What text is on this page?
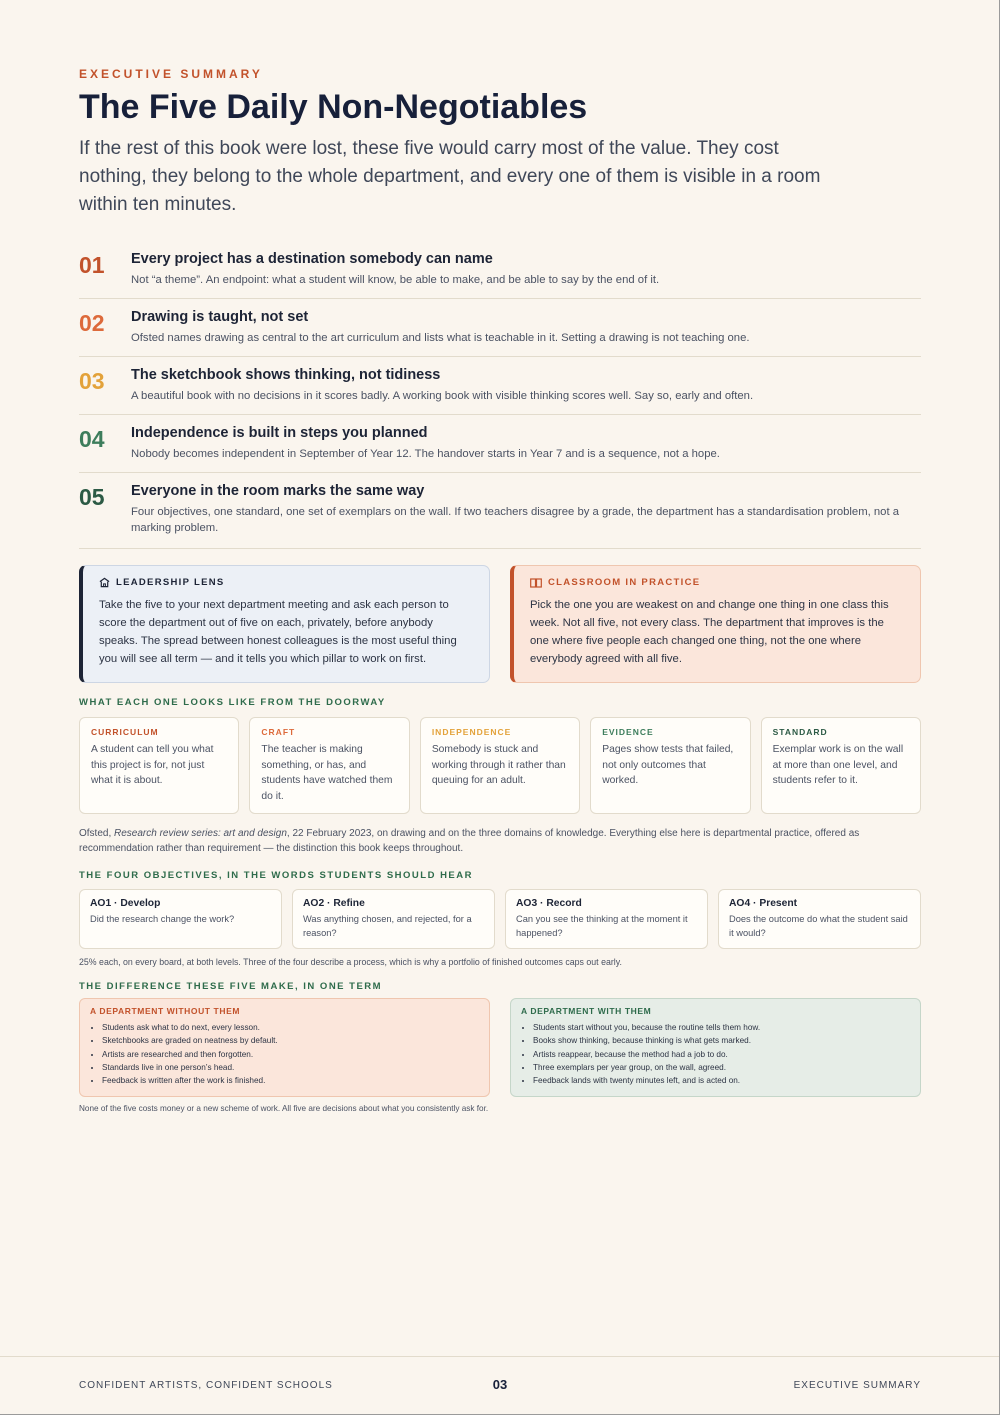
EXECUTIVE SUMMARY
The Five Daily Non-Negotiables

If the rest of this book were lost, these five would carry most of the value. They cost nothing, they belong to the whole department, and every one of them is visible in a room within ten minutes.

01	Every project has a destination somebody can name
Not “a theme”. An endpoint: what a student will know, be able to make, and be able to say by the end of it.
02	Drawing is taught, not set
Ofsted names drawing as central to the art curriculum and lists what is teachable in it. Setting a drawing is not teaching one.
03	The sketchbook shows thinking, not tidiness
A beautiful book with no decisions in it scores badly. A working book with visible thinking scores well. Say so, early and often.
04	Independence is built in steps you planned
Nobody becomes independent in September of Year 12. The handover starts in Year 7 and is a sequence, not a hope.
05	Everyone in the room marks the same way
Four objectives, one standard, one set of exemplars on the wall. If two teachers disagree by a grade, the department has a standardisation problem, not a marking problem.
LEADERSHIP LENS
Take the five to your next department meeting and ask each person to score the department out of five on each, privately, before anybody speaks. The spread between honest colleagues is the most useful thing you will see all term — and it tells you which pillar to work on first.
CLASSROOM IN PRACTICE
Pick the one you are weakest on and change one thing in one class this week. Not all five, not every class. The department that improves is the one where five people each changed one thing, not the one where everybody agreed with all five.
WHAT EACH ONE LOOKS LIKE FROM THE DOORWAY
CURRICULUM
A student can tell you what this project is for, not just what it is about.
CRAFT
The teacher is making something, or has, and students have watched them do it.
INDEPENDENCE
Somebody is stuck and working through it rather than queuing for an adult.
EVIDENCE
Pages show tests that failed, not only outcomes that worked.
STANDARD
Exemplar work is on the wall at more than one level, and students refer to it.
Ofsted, Research review series: art and design, 22 February 2023, on drawing and on the three domains of knowledge. Everything else here is departmental practice, offered as recommendation rather than requirement — the distinction this book keeps throughout.
THE FOUR OBJECTIVES, IN THE WORDS STUDENTS SHOULD HEAR
AO1 · Develop
Did the research change the work?
AO2 · Refine
Was anything chosen, and rejected, for a reason?
AO3 · Record
Can you see the thinking at the moment it happened?
AO4 · Present
Does the outcome do what the student said it would?
25% each, on every board, at both levels. Three of the four describe a process, which is why a portfolio of finished outcomes caps out early.
THE DIFFERENCE THESE FIVE MAKE, IN ONE TERM
A DEPARTMENT WITHOUT THEM
• Students ask what to do next, every lesson.
• Sketchbooks are graded on neatness by default.
• Artists are researched and then forgotten.
• Standards live in one person’s head.
• Feedback is written after the work is finished.
A DEPARTMENT WITH THEM
• Students start without you, because the routine tells them how.
• Books show thinking, because thinking is what gets marked.
• Artists reappear, because the method had a job to do.
• Three exemplars per year group, on the wall, agreed.
• Feedback lands with twenty minutes left, and is acted on.
None of the five costs money or a new scheme of work. All five are decisions about what you consistently ask for.
CONFIDENT ARTISTS, CONFIDENT SCHOOLS	03	EXECUTIVE SUMMARY
